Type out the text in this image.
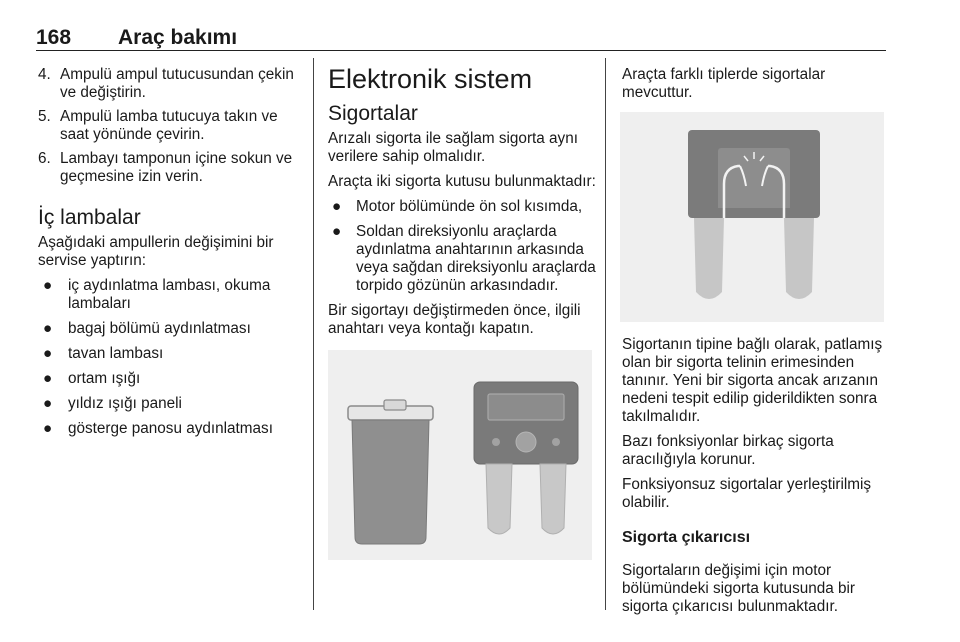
168 Araç bakımı
4. Ampulü ampul tutucusundan çekin ve değiştirin.
5. Ampulü lamba tutucuya takın ve saat yönünde çevirin.
6. Lambayı tamponun içine sokun ve geçmesine izin verin.
İç lambalar

Aşağıdaki ampullerin değişimini bir servise yaptırın:

● iç aydınlatma lambası, okuma lambaları
● bagaj bölümü aydınlatması
● tavan lambası
● ortam ışığı
● yıldız ışığı paneli
● gösterge panosu aydınlatması
Elektronik sistem
Sigortalar

Arızalı sigorta ile sağlam sigorta aynı verilere sahip olmalıdır.

Araçta iki sigorta kutusu bulunmaktadır:

● Motor bölümünde ön sol kısımda,
● Soldan direksiyonlu araçlarda aydınlatma anahtarının arkasında veya sağdan direksiyonlu araçlarda torpido gözünün arkasındadır.

Bir sigortayı değiştirmeden önce, ilgili anahtarı veya kontağı kapatın.

Araçta farklı tiplerde sigortalar mevcuttur.

Sigortanın tipine bağlı olarak, patlamış olan bir sigorta telinin erimesinden tanınır. Yeni bir sigorta ancak arızanın nedeni tespit edilip giderildikten sonra takılmalıdır.

Bazı fonksiyonlar birkaç sigorta aracılığıyla korunur.

Fonksiyonsuz sigortalar yerleştirilmiş olabilir.

Sigorta çıkarıcısı

Sigortaların değişimi için motor bölümündeki sigorta kutusunda bir sigorta çıkarıcısı bulunmaktadır.
